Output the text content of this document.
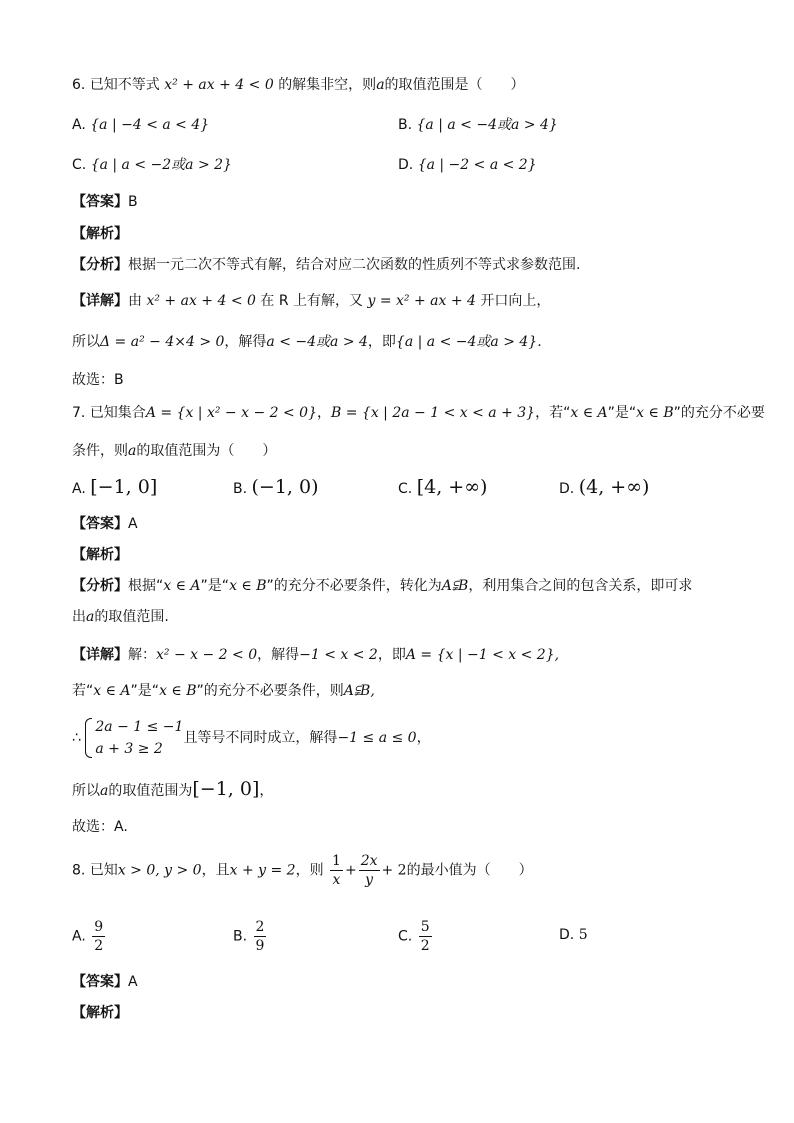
6. 已知不等式 x² + ax + 4 < 0 的解集非空，则a的取值范围是（　　）
A. {a | −4 < a < 4}	B. {a | a < −4或a > 4}
C. {a | a < −2或a > 2}	D. {a | −2 < a < 2}
【答案】B
【解析】
【分析】根据一元二次不等式有解，结合对应二次函数的性质列不等式求参数范围.
【详解】由 x² + ax + 4 < 0 在 R 上有解，又 y = x² + ax + 4 开口向上，
所以Δ = a² − 4×4 > 0，解得a < −4或a > 4，即{a | a < −4或a > 4}.
故选：B
7. 已知集合A = {x | x² − x − 2 < 0}，B = {x | 2a − 1 < x < a + 3}，若“x ∈ A”是“x ∈ B”的充分不必要
条件，则a的取值范围为（　　）
A. [−1, 0]	B. (−1, 0)	C. [4, +∞)	D. (4, +∞)
【答案】A
【解析】
【分析】根据“x ∈ A”是“x ∈ B”的充分不必要条件，转化为A⫋B，利用集合之间的包含关系，即可求
出a的取值范围.
【详解】解：x² − x − 2 < 0，解得−1 < x < 2，即A = {x | −1 < x < 2},
若“x ∈ A”是“x ∈ B”的充分不必要条件，则A⫋B,
∴
2a − 1 ≤ −1
a + 3 ≥ 2
且等号不同时成立，解得−1 ≤ a ≤ 0，
所以a的取值范围为[−1, 0]，
故选：A.
8. 已知x > 0, y > 0，且x + y = 2，则 $\frac{1}{x} + \frac{2x}{y} + 2$的最小值为（　　）
A. $\frac{9}{2}$	B. $\frac{2}{9}$	C. $\frac{5}{2}$	D. 5
【答案】A
【解析】
